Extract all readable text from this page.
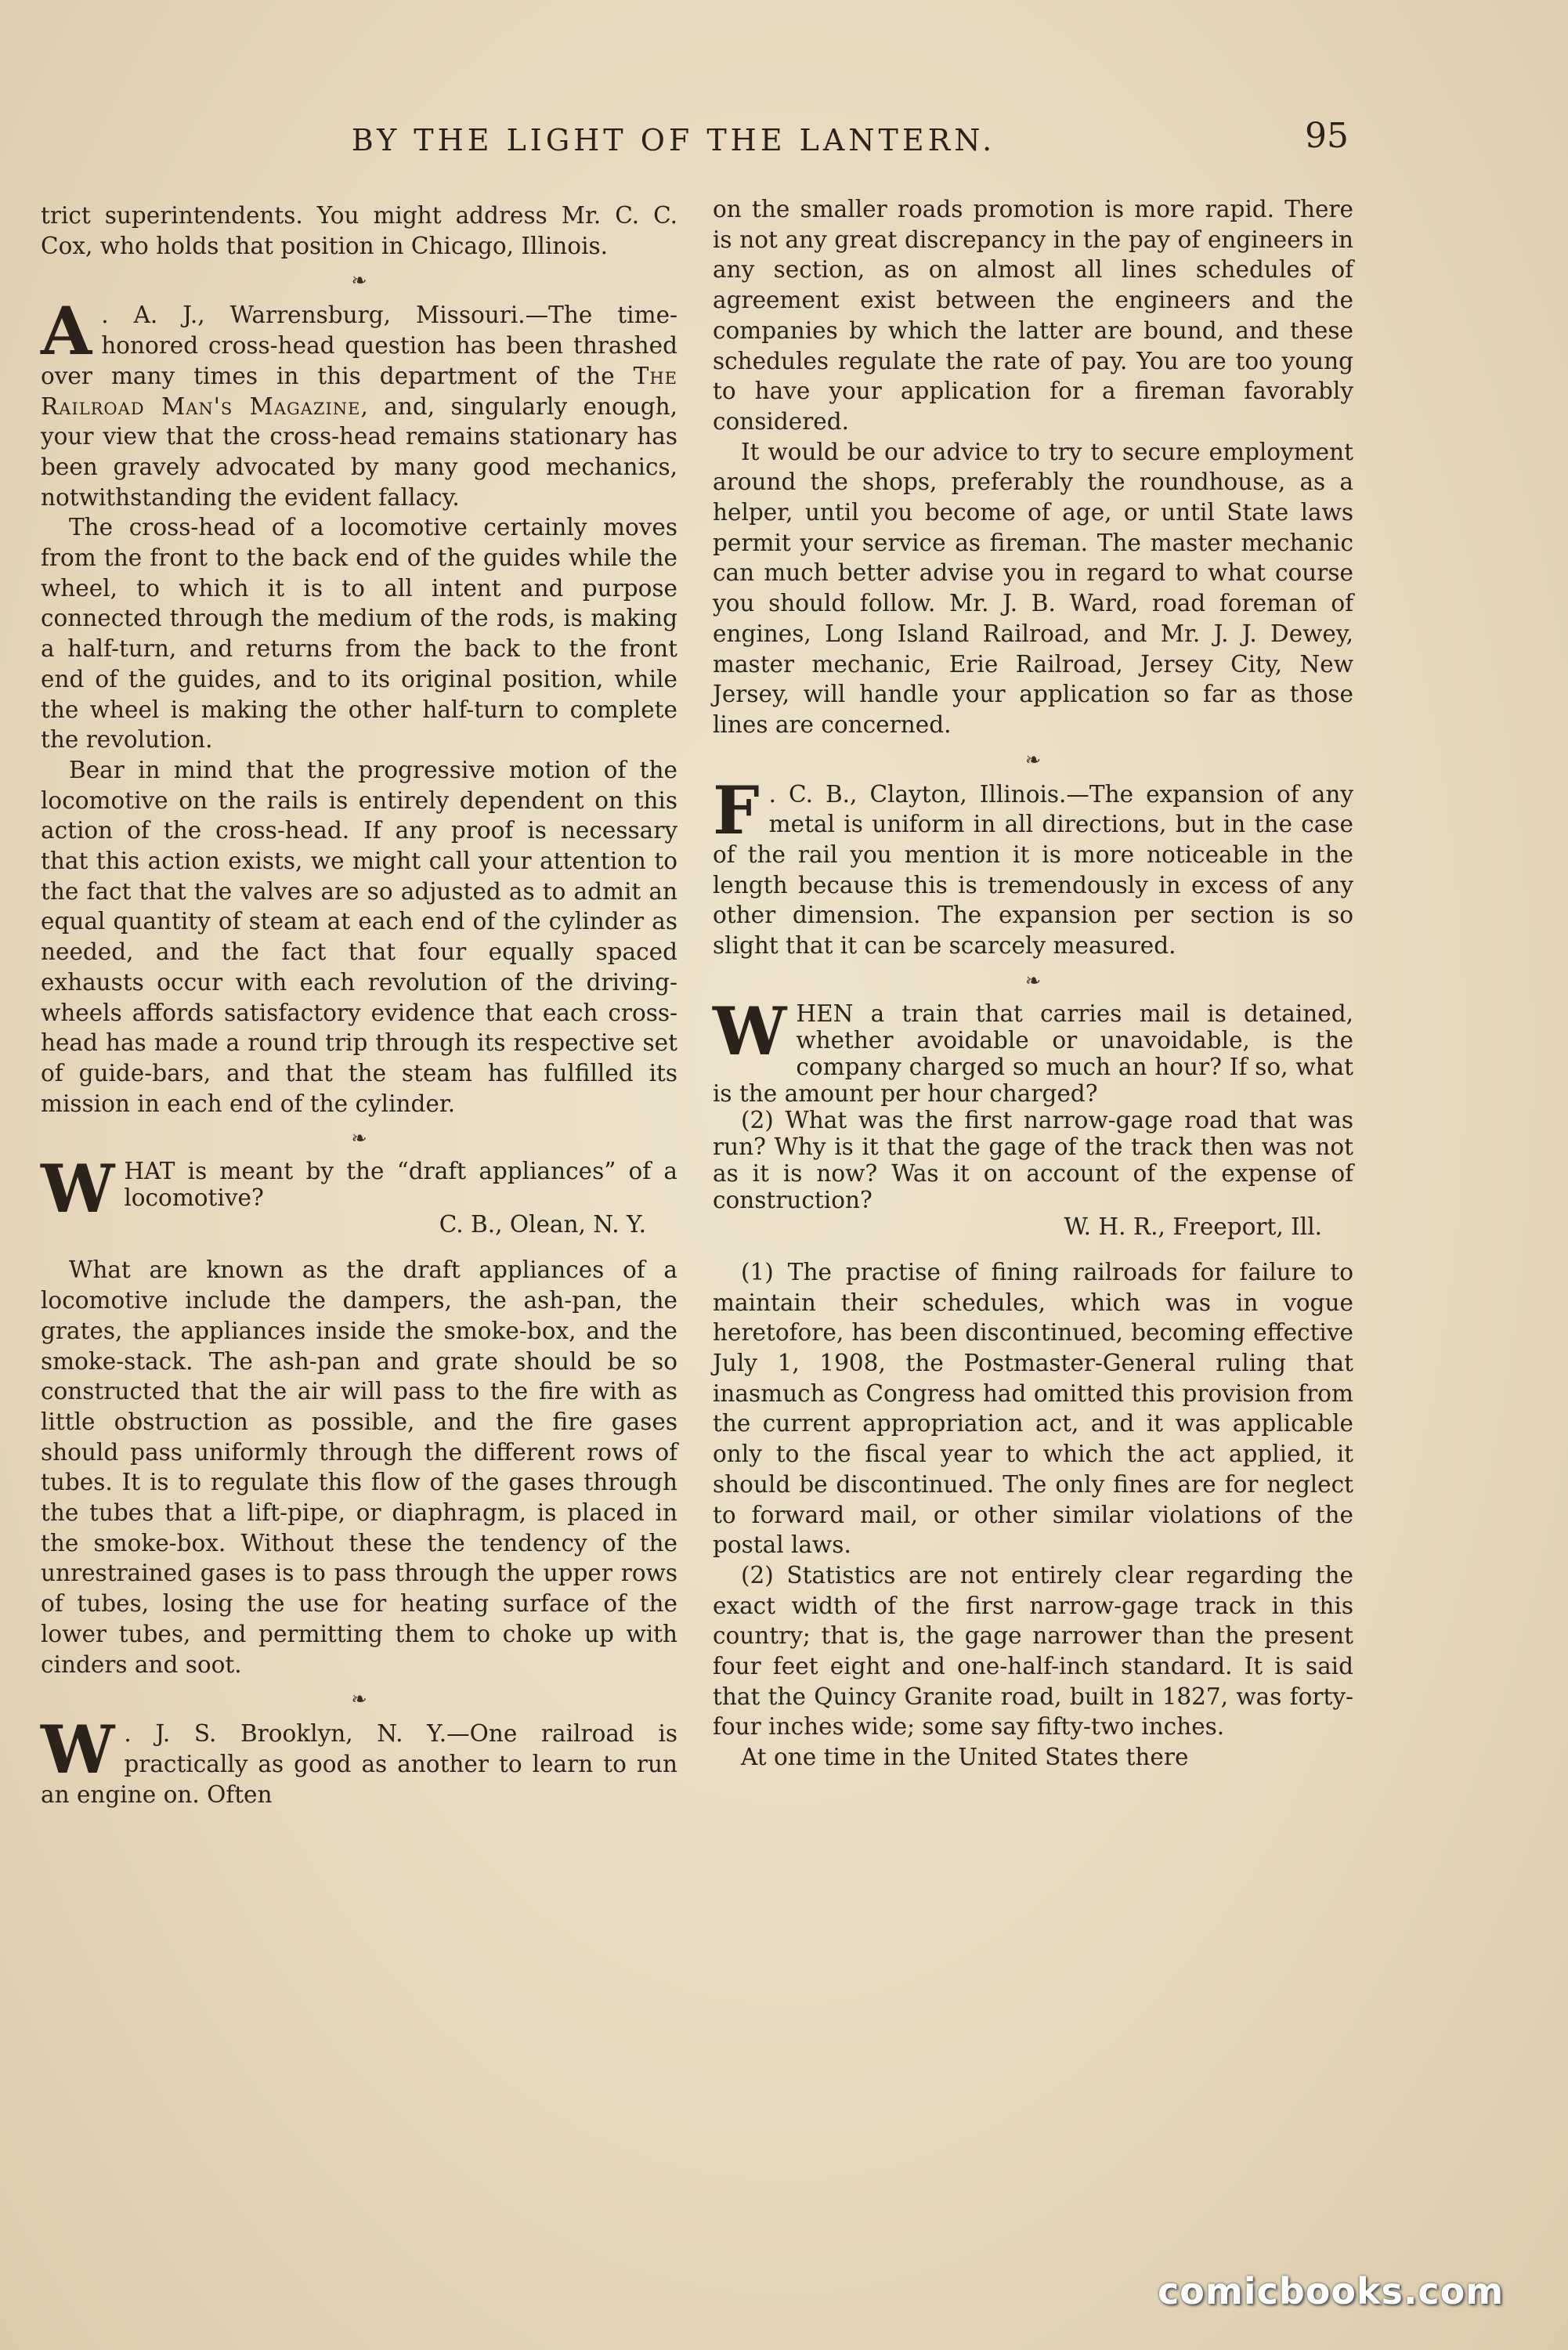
BY THE LIGHT OF THE LANTERN.	95

trict superintendents. You might address Mr. C. C. Cox, who holds that position in Chicago, Illinois.

❧

A . A. J., Warrensburg, Missouri.—The time-honored cross-head question has been thrashed over many times in this department of the The Railroad Man's Magazine, and, singularly enough, your view that the cross-head remains stationary has been gravely advocated by many good mechanics, notwithstanding the evident fallacy.

The cross-head of a locomotive certainly moves from the front to the back end of the guides while the wheel, to which it is to all intent and purpose connected through the medium of the rods, is making a half-turn, and returns from the back to the front end of the guides, and to its original position, while the wheel is making the other half-turn to complete the revolution.

Bear in mind that the progressive motion of the locomotive on the rails is entirely dependent on this action of the cross-head. If any proof is necessary that this action exists, we might call your attention to the fact that the valves are so adjusted as to admit an equal quantity of steam at each end of the cylinder as needed, and the fact that four equally spaced exhausts occur with each revolution of the driving-wheels affords satisfactory evidence that each cross-head has made a round trip through its respective set of guide-bars, and that the steam has fulfilled its mission in each end of the cylinder.

❧

WHAT is meant by the “draft appliances” of a locomotive?

C. B., Olean, N. Y.

What are known as the draft appliances of a locomotive include the dampers, the ash-pan, the grates, the appliances inside the smoke-box, and the smoke-stack. The ash-pan and grate should be so constructed that the air will pass to the fire with as little obstruction as possible, and the fire gases should pass uniformly through the different rows of tubes. It is to regulate this flow of the gases through the tubes that a lift-pipe, or diaphragm, is placed in the smoke-box. Without these the tendency of the unrestrained gases is to pass through the upper rows of tubes, losing the use for heating surface of the lower tubes, and permitting them to choke up with cinders and soot.

❧

W . J. S. Brooklyn, N. Y.—One railroad is practically as good as another to learn to run an engine on. Often

on the smaller roads promotion is more rapid. There is not any great discrepancy in the pay of engineers in any section, as on almost all lines schedules of agreement exist between the engineers and the companies by which the latter are bound, and these schedules regulate the rate of pay. You are too young to have your application for a fireman favorably considered.

It would be our advice to try to secure employment around the shops, preferably the roundhouse, as a helper, until you become of age, or until State laws permit your service as fireman. The master mechanic can much better advise you in regard to what course you should follow. Mr. J. B. Ward, road foreman of engines, Long Island Railroad, and Mr. J. J. Dewey, master mechanic, Erie Railroad, Jersey City, New Jersey, will handle your application so far as those lines are concerned.

❧

F . C. B., Clayton, Illinois.—The expansion of any metal is uniform in all directions, but in the case of the rail you mention it is more noticeable in the length because this is tremendously in excess of any other dimension. The expansion per section is so slight that it can be scarcely measured.

❧

WHEN a train that carries mail is detained, whether avoidable or unavoidable, is the company charged so much an hour? If so, what is the amount per hour charged?

(2) What was the first narrow-gage road that was run? Why is it that the gage of the track then was not as it is now? Was it on account of the expense of construction?

W. H. R., Freeport, Ill.

(1) The practise of fining railroads for failure to maintain their schedules, which was in vogue heretofore, has been discontinued, becoming effective July 1, 1908, the Postmaster-General ruling that inasmuch as Congress had omitted this provision from the current appropriation act, and it was applicable only to the fiscal year to which the act applied, it should be discontinued. The only fines are for neglect to forward mail, or other similar violations of the postal laws.

(2) Statistics are not entirely clear regarding the exact width of the first narrow-gage track in this country; that is, the gage narrower than the present four feet eight and one-half-inch standard. It is said that the Quincy Granite road, built in 1827, was forty-four inches wide; some say fifty-two inches.

At one time in the United States there

comicbooks.com
